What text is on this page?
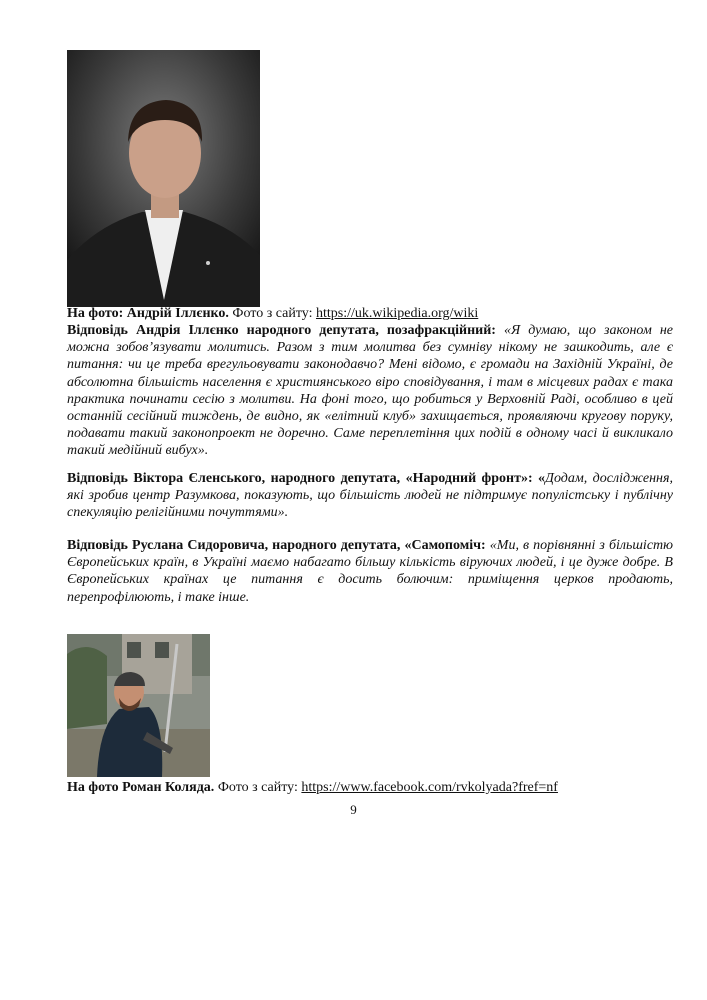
На фото: Андрій Іллєнко. Фото з сайту: https://uk.wikipedia.org/wiki

Відповідь Андрія Іллєнко народного депутата, позафракційний: «Я думаю, що законом не можна зобов’язувати молитись. Разом з тим молитва без сумніву нікому не зашкодить, але є питання: чи це треба врегульовувати законодавчо? Мені відомо, є громади на Західній Україні, де абсолютна більшість населення є християнського віро сповідування, і там в місцевих радах є така практика починати сесію з молитви. На фоні того, що робиться у Верховній Раді, особливо в цей останній сесійний тиждень, де видно, як «елітний клуб» захищається, проявляючи кругову поруку, подавати такий законопроект не доречно. Саме переплетіння цих подій в одному часі й викликало такий медійний вибух».

Відповідь Віктора Єленського, народного депутата, «Народний фронт»: «Додам, дослідження, які зробив центр Разумкова, показують, що більшість людей не підтримує популістську і публічну спекуляцію релігійними почуттями».

Відповідь Руслана Сидоровича, народного депутата, «Самопоміч: «Ми, в порівнянні з більшістю Європейських країн, в Україні маємо набагато більшу кількість віруючих людей, і це дуже добре. В Європейських країнах це питання є досить болючим: приміщення церков продають, перепрофілюють, і таке інше.

На фото Роман Коляда. Фото з сайту: https://www.facebook.com/rvkolyada?fref=nf
9
